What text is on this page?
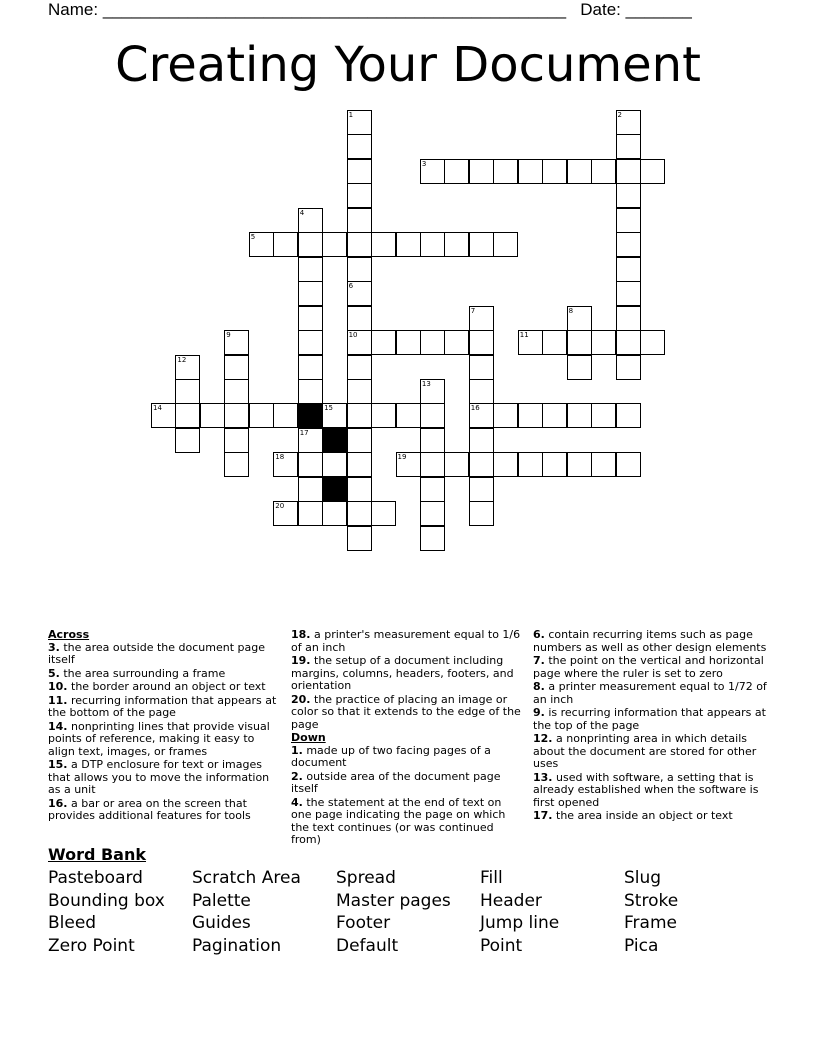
Name: _________________________________________________ Date: _______
Creating Your Document
1	2
3
4
5
6
7	8
9	10	11
12
13
14	15	16
17
18	19
20
Across
3. the area outside the document page itself
5. the area surrounding a frame
10. the border around an object or text
11. recurring information that appears at the bottom of the page
14. nonprinting lines that provide visual points of reference, making it easy to align text, images, or frames
15. a DTP enclosure for text or images that allows you to move the information as a unit
16. a bar or area on the screen that provides additional features for tools
18. a printer's measurement equal to 1/6 of an inch
19. the setup of a document including margins, columns, headers, footers, and orientation
20. the practice of placing an image or color so that it extends to the edge of the page
Down
1. made up of two facing pages of a document
2. outside area of the document page itself
4. the statement at the end of text on one page indicating the page on which the text continues (or was continued from)
6. contain recurring items such as page numbers as well as other design elements
7. the point on the vertical and horizontal page where the ruler is set to zero
8. a printer measurement equal to 1/72 of an inch
9. is recurring information that appears at the top of the page
12. a nonprinting area in which details about the document are stored for other uses
13. used with software, a setting that is already established when the software is first opened
17. the area inside an object or text
Word Bank
Pasteboard	Scratch Area	Spread	Fill	Slug
Bounding box	Palette	Master pages	Header	Stroke
Bleed	Guides	Footer	Jump line	Frame
Zero Point	Pagination	Default	Point	Pica
